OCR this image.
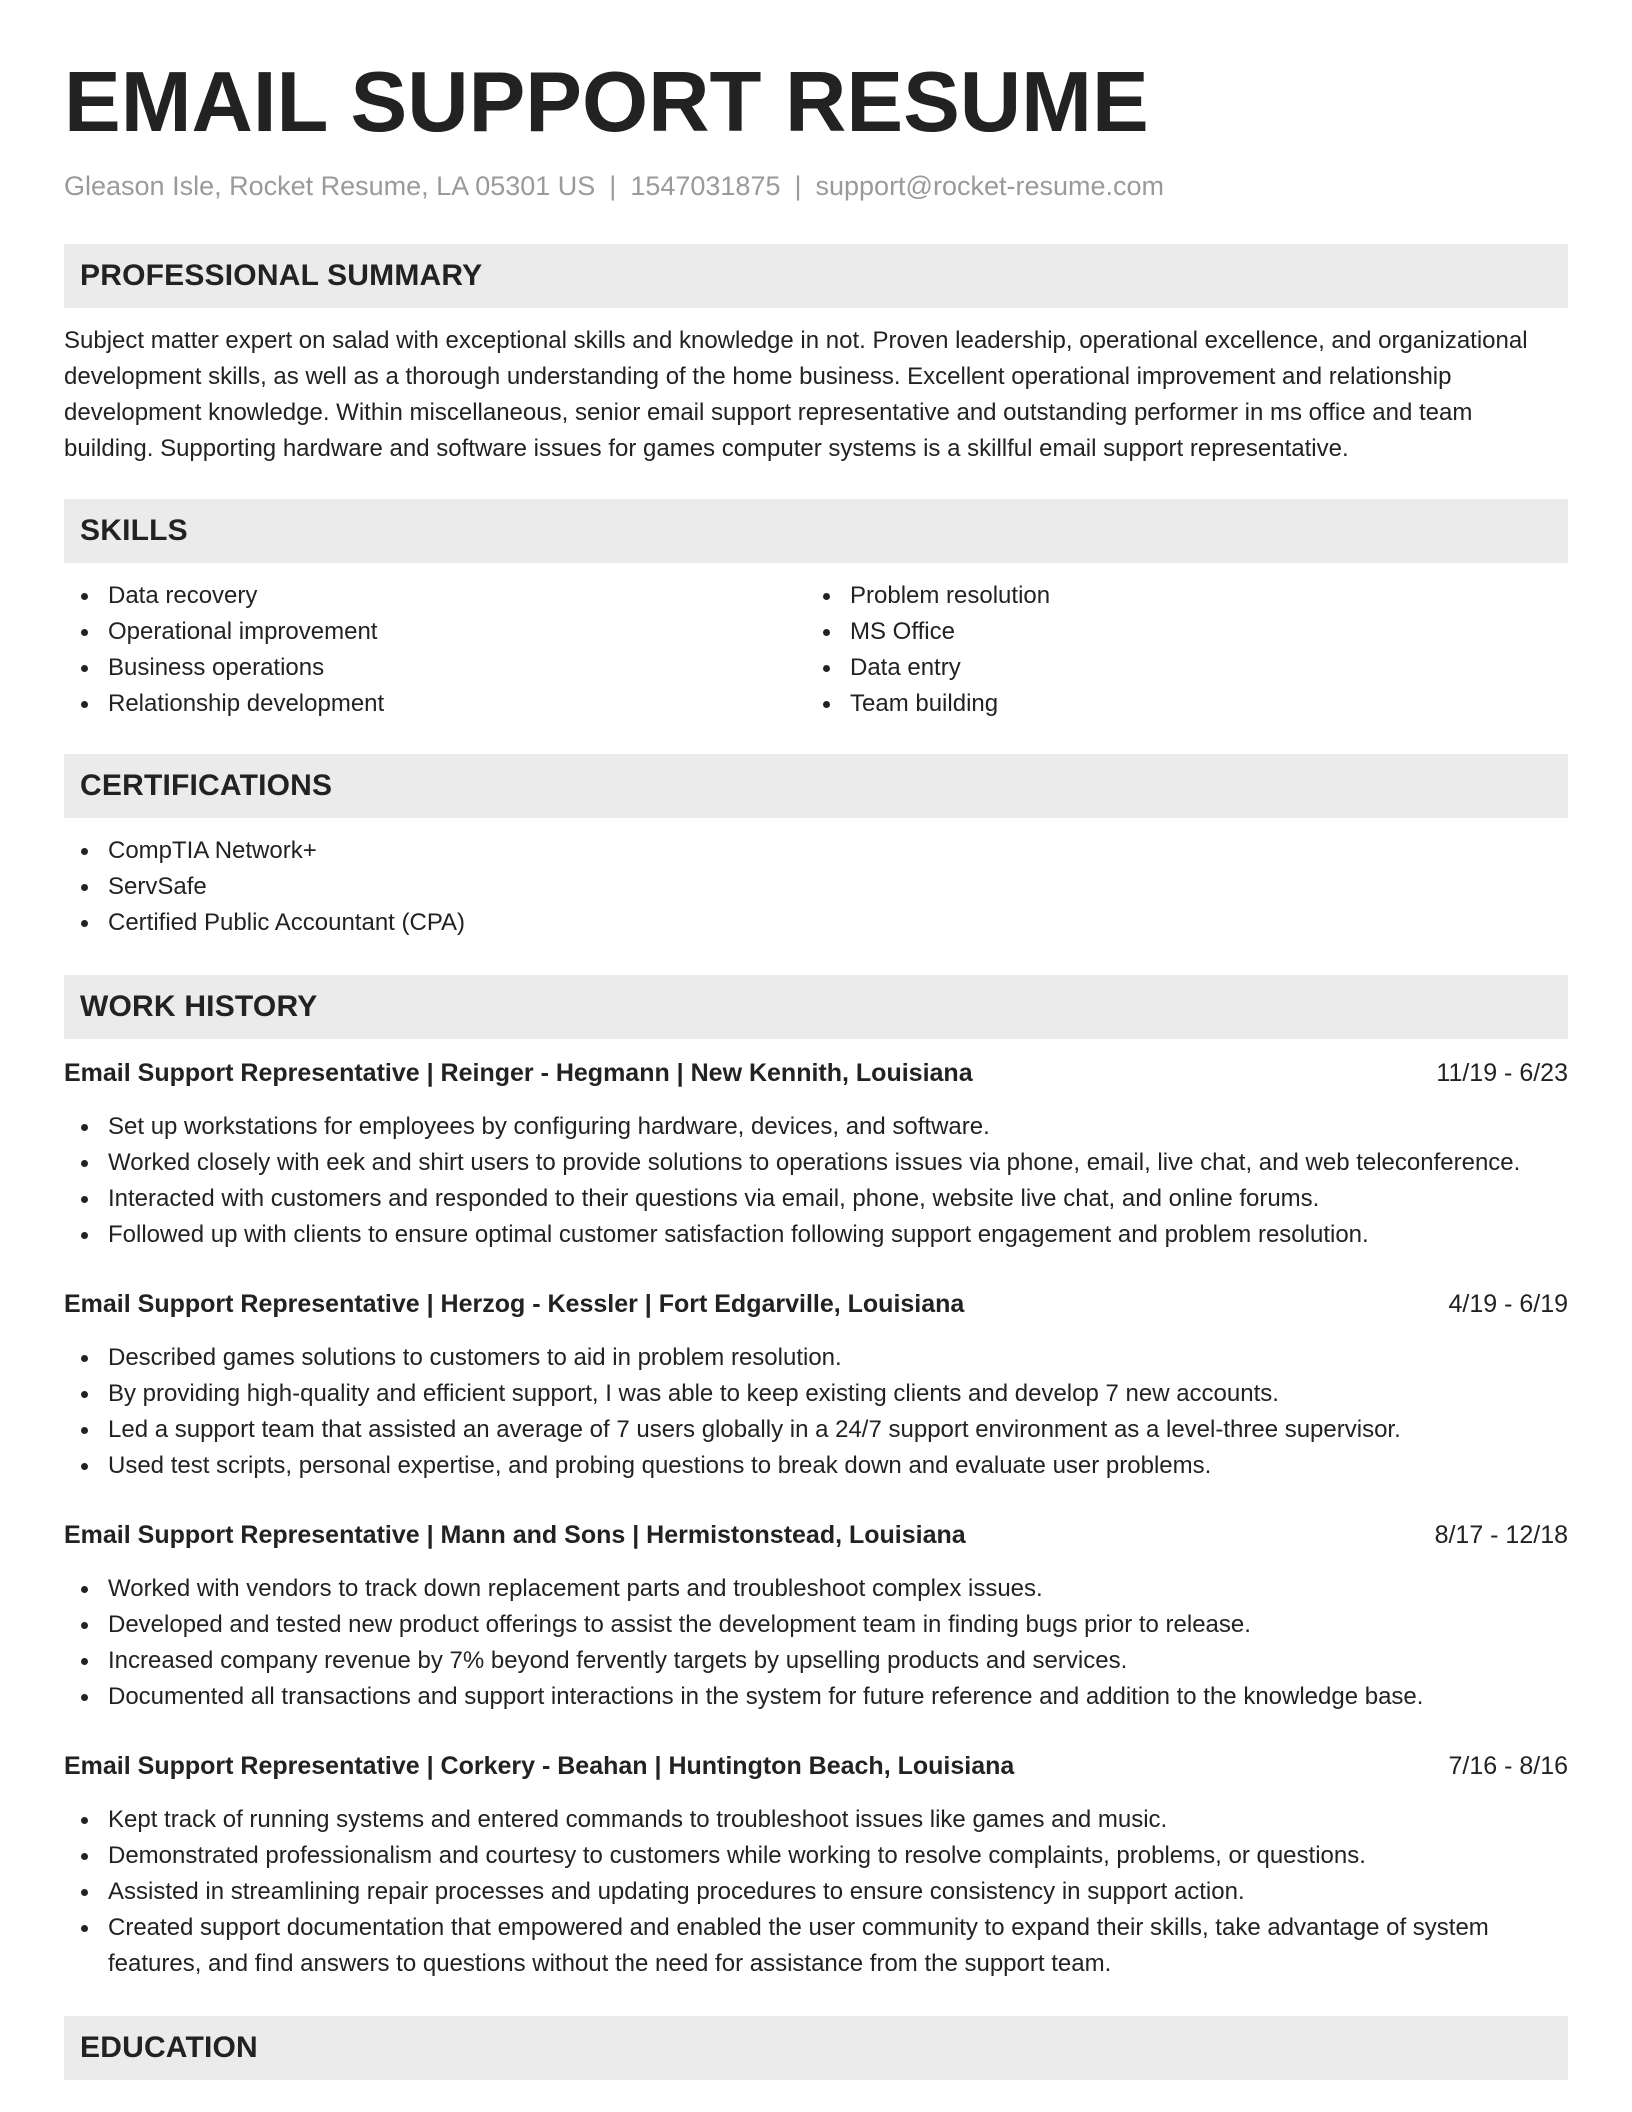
EMAIL SUPPORT RESUME
Gleason Isle, Rocket Resume, LA 05301 US | 1547031875 | support@rocket-resume.com
PROFESSIONAL SUMMARY

Subject matter expert on salad with exceptional skills and knowledge in not. Proven leadership, operational excellence, and organizational development skills, as well as a thorough understanding of the home business. Excellent operational improvement and relationship development knowledge. Within miscellaneous, senior email support representative and outstanding performer in ms office and team building. Supporting hardware and software issues for games computer systems is a skillful email support representative.

SKILLS
Data recovery
Operational improvement
Business operations
Relationship development
Problem resolution
MS Office
Data entry
Team building
CERTIFICATIONS
CompTIA Network+
ServSafe
Certified Public Accountant (CPA)
WORK HISTORY
Email Support Representative | Reinger - Hegmann | New Kennith, Louisiana	11/19 - 6/23
Set up workstations for employees by configuring hardware, devices, and software.
Worked closely with eek and shirt users to provide solutions to operations issues via phone, email, live chat, and web teleconference.
Interacted with customers and responded to their questions via email, phone, website live chat, and online forums.
Followed up with clients to ensure optimal customer satisfaction following support engagement and problem resolution.
Email Support Representative | Herzog - Kessler | Fort Edgarville, Louisiana	4/19 - 6/19
Described games solutions to customers to aid in problem resolution.
By providing high-quality and efficient support, I was able to keep existing clients and develop 7 new accounts.
Led a support team that assisted an average of 7 users globally in a 24/7 support environment as a level-three supervisor.
Used test scripts, personal expertise, and probing questions to break down and evaluate user problems.
Email Support Representative | Mann and Sons | Hermistonstead, Louisiana	8/17 - 12/18
Worked with vendors to track down replacement parts and troubleshoot complex issues.
Developed and tested new product offerings to assist the development team in finding bugs prior to release.
Increased company revenue by 7% beyond fervently targets by upselling products and services.
Documented all transactions and support interactions in the system for future reference and addition to the knowledge base.
Email Support Representative | Corkery - Beahan | Huntington Beach, Louisiana	7/16 - 8/16
Kept track of running systems and entered commands to troubleshoot issues like games and music.
Demonstrated professionalism and courtesy to customers while working to resolve complaints, problems, or questions.
Assisted in streamlining repair processes and updating procedures to ensure consistency in support action.
Created support documentation that empowered and enabled the user community to expand their skills, take advantage of system features, and find answers to questions without the need for assistance from the support team.
EDUCATION
